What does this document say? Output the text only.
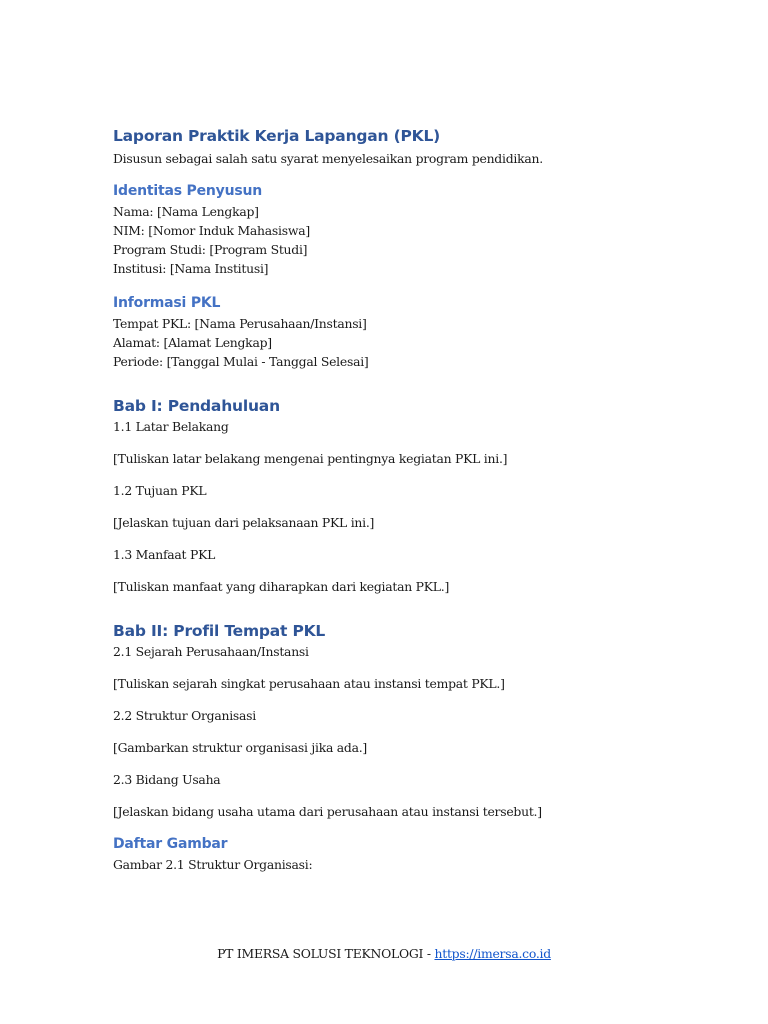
Laporan Praktik Kerja Lapangan (PKL)

Disusun sebagai salah satu syarat menyelesaikan program pendidikan.

Identitas Penyusun

Nama: [Nama Lengkap]

NIM: [Nomor Induk Mahasiswa]

Program Studi: [Program Studi]

Institusi: [Nama Institusi]

Informasi PKL

Tempat PKL: [Nama Perusahaan/Instansi]

Alamat: [Alamat Lengkap]

Periode: [Tanggal Mulai - Tanggal Selesai]

Bab I: Pendahuluan

1.1 Latar Belakang

[Tuliskan latar belakang mengenai pentingnya kegiatan PKL ini.]

1.2 Tujuan PKL

[Jelaskan tujuan dari pelaksanaan PKL ini.]

1.3 Manfaat PKL

[Tuliskan manfaat yang diharapkan dari kegiatan PKL.]

Bab II: Profil Tempat PKL

2.1 Sejarah Perusahaan/Instansi

[Tuliskan sejarah singkat perusahaan atau instansi tempat PKL.]

2.2 Struktur Organisasi

[Gambarkan struktur organisasi jika ada.]

2.3 Bidang Usaha

[Jelaskan bidang usaha utama dari perusahaan atau instansi tersebut.]

Daftar Gambar

Gambar 2.1 Struktur Organisasi:

PT IMERSA SOLUSI TEKNOLOGI - https://imersa.co.id
